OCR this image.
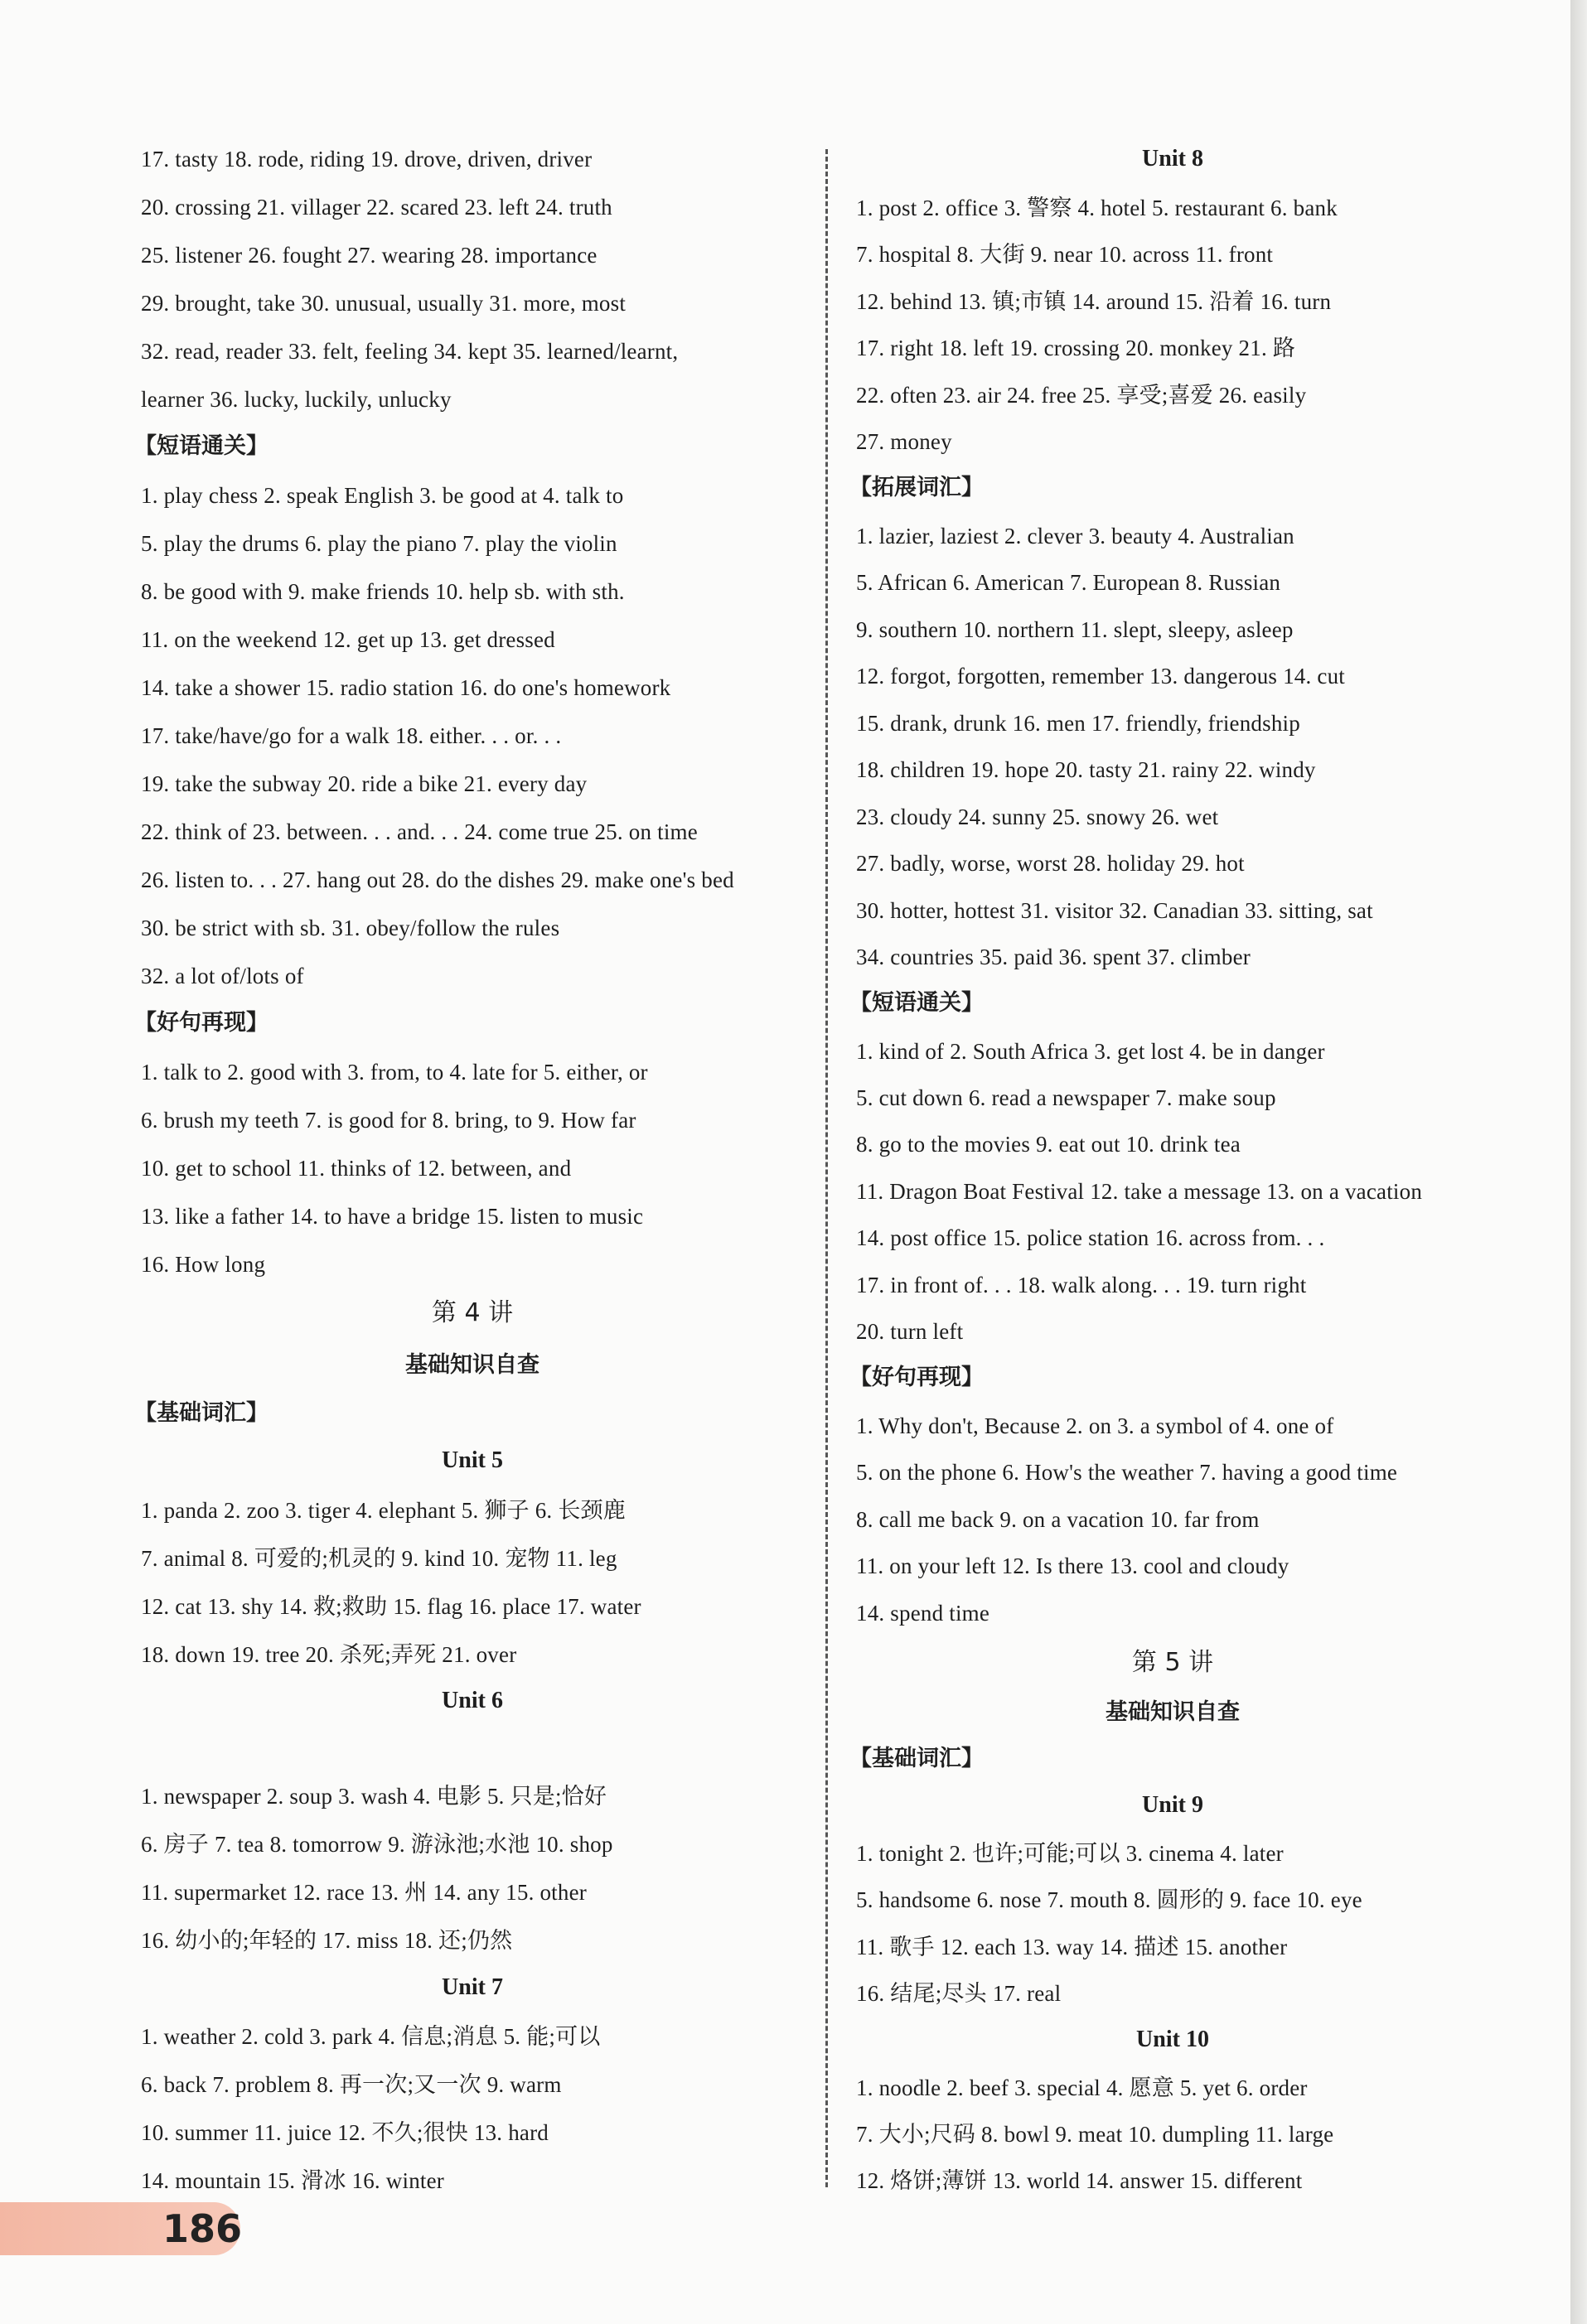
17. tasty 18. rode, riding 19. drove, driven, driver
20. crossing 21. villager 22. scared 23. left 24. truth
25. listener 26. fought 27. wearing 28. importance
29. brought, take 30. unusual, usually 31. more, most
32. read, reader 33. felt, feeling 34. kept 35. learned/learnt,
learner 36. lucky, luckily, unlucky
【短语通关】
1. play chess 2. speak English 3. be good at 4. talk to
5. play the drums 6. play the piano 7. play the violin
8. be good with 9. make friends 10. help sb. with sth.
11. on the weekend 12. get up 13. get dressed
14. take a shower 15. radio station 16. do one's homework
17. take/have/go for a walk 18. either. . . or. . .
19. take the subway 20. ride a bike 21. every day
22. think of 23. between. . . and. . . 24. come true 25. on time
26. listen to. . . 27. hang out 28. do the dishes 29. make one's bed
30. be strict with sb. 31. obey/follow the rules
32. a lot of/lots of
【好句再现】
1. talk to 2. good with 3. from, to 4. late for 5. either, or
6. brush my teeth 7. is good for 8. bring, to 9. How far
10. get to school 11. thinks of 12. between, and
13. like a father 14. to have a bridge 15. listen to music
16. How long
第 4 讲
基础知识自查
【基础词汇】
Unit 5
1. panda 2. zoo 3. tiger 4. elephant 5. 狮子 6. 长颈鹿
7. animal 8. 可爱的;机灵的 9. kind 10. 宠物 11. leg
12. cat 13. shy 14. 救;救助 15. flag 16. place 17. water
18. down 19. tree 20. 杀死;弄死 21. over
Unit 6
1. newspaper 2. soup 3. wash 4. 电影 5. 只是;恰好
6. 房子 7. tea 8. tomorrow 9. 游泳池;水池 10. shop
11. supermarket 12. race 13. 州 14. any 15. other
16. 幼小的;年轻的 17. miss 18. 还;仍然
Unit 7
1. weather 2. cold 3. park 4. 信息;消息 5. 能;可以
6. back 7. problem 8. 再一次;又一次 9. warm
10. summer 11. juice 12. 不久;很快 13. hard
14. mountain 15. 滑冰 16. winter
Unit 8
1. post 2. office 3. 警察 4. hotel 5. restaurant 6. bank
7. hospital 8. 大街 9. near 10. across 11. front
12. behind 13. 镇;市镇 14. around 15. 沿着 16. turn
17. right 18. left 19. crossing 20. monkey 21. 路
22. often 23. air 24. free 25. 享受;喜爱 26. easily
27. money
【拓展词汇】
1. lazier, laziest 2. clever 3. beauty 4. Australian
5. African 6. American 7. European 8. Russian
9. southern 10. northern 11. slept, sleepy, asleep
12. forgot, forgotten, remember 13. dangerous 14. cut
15. drank, drunk 16. men 17. friendly, friendship
18. children 19. hope 20. tasty 21. rainy 22. windy
23. cloudy 24. sunny 25. snowy 26. wet
27. badly, worse, worst 28. holiday 29. hot
30. hotter, hottest 31. visitor 32. Canadian 33. sitting, sat
34. countries 35. paid 36. spent 37. climber
【短语通关】
1. kind of 2. South Africa 3. get lost 4. be in danger
5. cut down 6. read a newspaper 7. make soup
8. go to the movies 9. eat out 10. drink tea
11. Dragon Boat Festival 12. take a message 13. on a vacation
14. post office 15. police station 16. across from. . .
17. in front of. . . 18. walk along. . . 19. turn right
20. turn left
【好句再现】
1. Why don't, Because 2. on 3. a symbol of 4. one of
5. on the phone 6. How's the weather 7. having a good time
8. call me back 9. on a vacation 10. far from
11. on your left 12. Is there 13. cool and cloudy
14. spend time
第 5 讲
基础知识自查
【基础词汇】
Unit 9
1. tonight 2. 也许;可能;可以 3. cinema 4. later
5. handsome 6. nose 7. mouth 8. 圆形的 9. face 10. eye
11. 歌手 12. each 13. way 14. 描述 15. another
16. 结尾;尽头 17. real
Unit 10
1. noodle 2. beef 3. special 4. 愿意 5. yet 6. order
7. 大小;尺码 8. bowl 9. meat 10. dumpling 11. large
12. 烙饼;薄饼 13. world 14. answer 15. different
186
